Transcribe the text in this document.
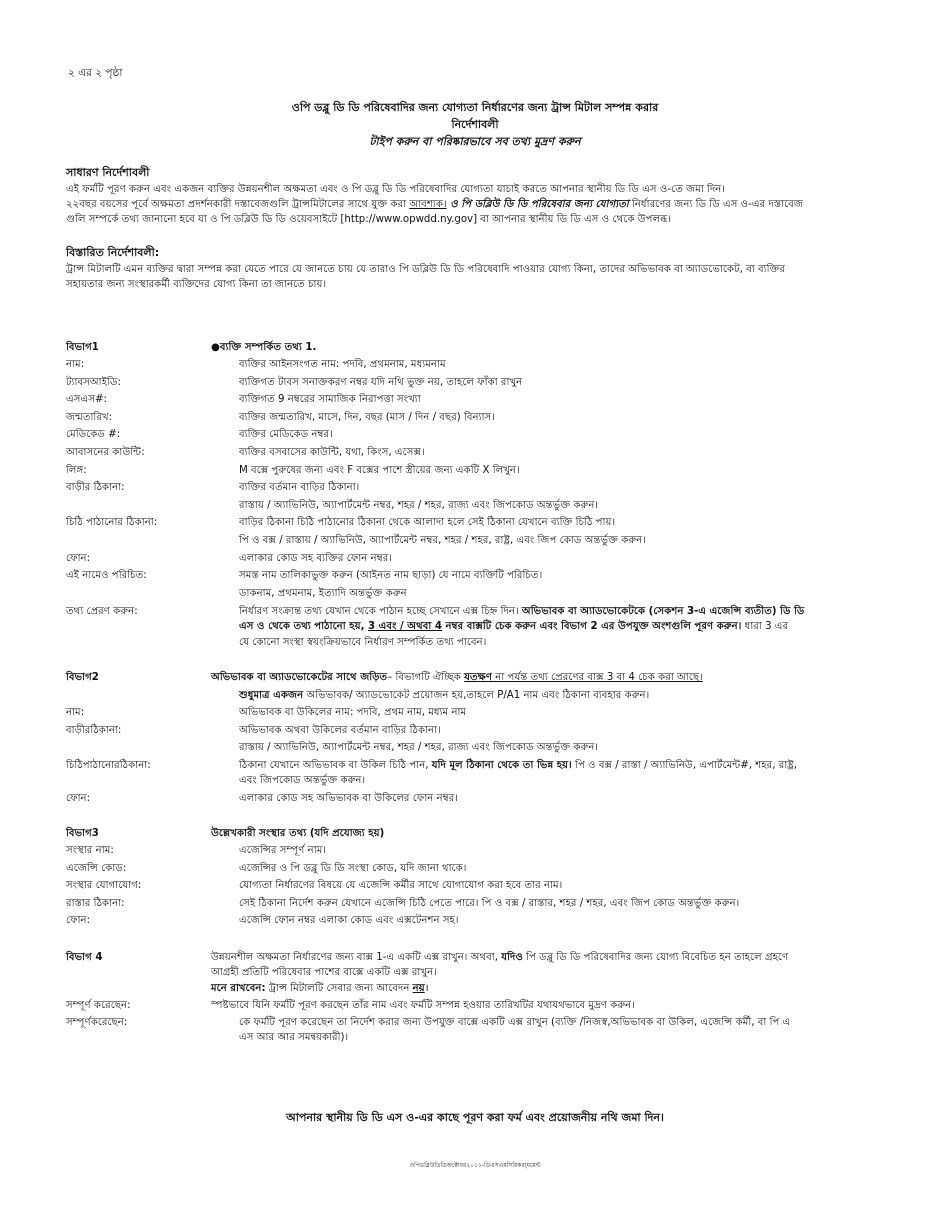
২ এর ২ পৃষ্ঠা
ওপি ডব্লু ডি ডি পরিষেবাদির জন্য যোগ্যতা নির্ধারণের জন্য ট্রান্স মিটাল সম্পন্ন করার
নির্দেশাবলী
টাইপ করুন বা পরিষ্কারভাবে সব তথ্য মুদ্রণ করুন
সাধারণ নির্দেশাবলী
এই ফর্মটি পূরণ করুন এবং একজন ব্যক্তির উন্নয়নশীল অক্ষমতা এবং ও পি ডব্লু ডি ডি পরিষেবাদির যোগ্যতা যাচাই করতে আপনার স্থানীয় ডি ডি এস ও-তে জমা দিন।
২২বছর বয়সের পূর্বে অক্ষমতা প্রদর্শনকারী দস্তাবেজগুলি ট্রান্সমিটালের সাথে যুক্ত করা আবশ্যক। ও পি ডব্লিউ ডি ডি পরিষেবার জন্য যোগ্যতা নির্ধারণের জন্য ডি ডি এস ও-এর দস্তাবেজ
গুলি সম্পর্কে তথ্য জানানো হবে যা ও পি ডব্লিউ ডি ডি ওয়েবসাইটে [http://www.opwdd.ny.gov] বা আপনার স্থানীয় ডি ডি এস ও থেকে উপলব্ধ।
বিস্তারিত নির্দেশাবলী:
ট্রান্স মিটালটি এমন ব্যক্তির দ্বারা সম্পন্ন করা যেতে পারে যে জানতে চায় যে তারাও পি ডব্লিউ ডি ডি পরিষেবাদি পাওয়ার যোগ্য কিনা, তাদের অভিভাবক বা অ্যাডভোকেট, বা ব্যক্তির
সহায়তার জন্য সংস্থারকর্মী ব্যক্তিদের যোগ্য কিনা তা জানতে চায়।
বিভাগ1	●ব্যক্তি সম্পর্কিত তথ্য 1.
নাম:	ব্যক্তির আইনসংগত নাম: পদবি, প্রথমনাম, মধ্যমনাম
ট্যাবসআইডি:	ব্যক্তিগত টাবস সনাক্তকরণ নম্বর যদি নথি ভুক্ত নয়, তাহলে ফাঁকা রাখুন
এসএস#:	ব্যক্তিগত 9 নম্বরের সামাজিক নিরাপত্তা সংখ্যা
জন্মতারিখ:	ব্যক্তির জন্মতারিখ, মাসে, দিন, বছর (মাস / দিন / বছর) বিন্যাস।
মেডিকেড #:	ব্যক্তির মেডিকেড নম্বর।
আবাসনের কাউন্টি:	ব্যক্তির বসবাসের কাউন্টি, যথা, কিংস, এসেক্স।
লিঙ্গ:	M বক্সে পুরুষের জন্য এবং F বক্সের পাশে স্ত্রীয়ের জন্য একটি X লিখুন।
বাড়ীর ঠিকানা:	ব্যক্তির বর্তমান বাড়ির ঠিকানা।
রাস্তায় / অ্যাভিনিউ, অ্যাপার্টমেন্ট নম্বর, শহর / শহর, রাজ্য এবং জিপকোড অন্তর্ভুক্ত করুন।
চিঠি পাঠানোর ঠিকানা:	বাড়ির ঠিকানা চিঠি পাঠানোর ঠিকানা থেকে আলাদা হলে সেই ঠিকানা যেখানে ব্যক্তি চিঠি পায়।
পি ও বক্স / রাস্তায় / অ্যাভিনিউ, অ্যাপার্টমেন্ট নম্বর, শহর / শহর, রাষ্ট্র, এবং জিপ কোড অন্তর্ভুক্ত করুন।
ফোন:	এলাকার কোড সহ ব্যক্তির ফোন নম্বর।
এই নামেও পরিচিত:	সমস্ত নাম তালিকাভুক্ত করুন (আইনত নাম ছাড়া) যে নামে ব্যক্তিটি পরিচিত।
ডাকনাম, প্রথমনাম, ইত্যাদি অন্তর্ভুক্ত করুন
তথ্য প্রেরণ করুন:	নির্ধারণ সংক্রান্ত তথ্য যেখান থেকে পাঠান হচ্ছে সেখানে এক্স চিহ্ন দিন। অভিভাবক বা অ্যাডভোকেটকে (সেকশন 3-এ এজেন্সি ব্যতীত) ডি ডি
এস ও থেকে তথ্য পাঠানো হয়, 3 এবং / অথবা 4 নম্বর বাক্সটি চেক করুন এবং বিভাগ 2 এর উপযুক্ত অংশগুলি পূরণ করুন। ধারা 3 এর
যে কোনো সংস্থা স্বয়ংক্রিয়ভাবে নির্ধারণ সম্পর্কিত তথ্য পাবেন।
বিভাগ2	অভিভাবক বা অ্যাডভোকেটের সাথে জড়িত– বিভাগটি ঐচ্ছিক যতক্ষণ না পর্যন্ত তথ্য প্রেরণের বাক্স 3 বা 4 চেক করা আছে।
শুধুমাত্র একজন অভিভাবক/ অ্যাডভোকেট প্রয়োজন হয়,তাহলে P/A1 নাম এবং ঠিকানা ব্যবহার করুন।
নাম:	অভিভাবক বা উকিলের নাম: পদবি, প্রথম নাম, মধ্যম নাম
বাড়ীরঠিকানা:	অভিভাবক অথবা উকিলের বর্তমান বাড়ির ঠিকানা।
রাস্তায় / অ্যাভিনিউ, অ্যাপার্টমেন্ট নম্বর, শহর / শহর, রাজ্য এবং জিপকোড অন্তর্ভুক্ত করুন।
চিঠিপাঠানোরঠিকানা:	ঠিকানা যেখানে অভিভাবক বা উকিল চিঠি পান, যদি মূল ঠিকানা থেকে তা ভিন্ন হয়। পি ও বক্স / রাস্তা / অ্যাভিনিউ, এপার্টমেন্ট#, শহর, রাষ্ট্র,
এবং জিপকোড অন্তর্ভুক্ত করুন।
ফোন:	এলাকার কোড সহ অভিভাবক বা উকিলের ফোন নম্বর।
বিভাগ3	উল্লেখকারী সংস্থার তথ্য (যদি প্রযোজ্য হয়)
সংস্থার নাম:	এজেন্সির সম্পূর্ণ নাম।
এজেন্সি কোড:	এজেন্সির ও পি ডব্লু ডি ডি সংস্থা কোড, যদি জানা থাকে।
সংস্থার যোগাযোগ:	যোগ্যতা নির্ধারণের বিষয়ে যে এজেন্সি কর্মীর সাথে যোগাযোগ করা হবে তার নাম।
রাস্তার ঠিকানা:	সেই ঠিকানা নির্দেশ করুন যেখানে এজেন্সি চিঠি পেতে পারে। পি ও বক্স / রাস্তার, শহর / শহর, এবং জিপ কোড অন্তর্ভুক্ত করুন।
ফোন:	এজেন্সি ফোন নম্বর এলাকা কোড এবং এক্সটেনশন সহ।
বিভাগ 4	উন্নয়নশীল অক্ষমতা নির্ধারণের জন্য বাক্স 1-এ একটি এক্স রাখুন। অথবা, যদিও পি ডব্লু ডি ডি পরিষেবাদির জন্য যোগ্য বিবেচিত হন তাহলে গ্রহণে
আগ্রহী প্রতিটি পরিষেবার পাশের বাক্সে একটি এক্স রাখুন।
মনে রাখবেন: ট্রান্স মিটালটি সেবার জন্য আবেদন নয়।
সম্পূর্ণ করেছেন:	স্পষ্টভাবে যিনি ফর্মটি পূরণ করছেন তাঁর নাম এবং ফর্মটি সম্পন্ন হওয়ার তারিখটির যথাযথভাবে মুদ্রণ করুন।
সম্পূর্ণকরেছেন:	কে ফর্মটি পূরণ করেছেন তা নির্দেশ করার জন্য উপযুক্ত বাক্সে একটি এক্স রাখুন (ব্যক্তি /নিজস্ব,অভিভাবক বা উকিল, এজেন্সি কর্মী, বা পি এ
এস আর আর সমন্বয়কারী)।
আপনার স্থানীয় ডি ডি এস ও-এর কাছে পূরণ করা ফর্ম এবং প্রয়োজনীয় নথি জমা দিন।
ওপিডব্লিউডিডিঅক্টোবর২০১১-ডিএসএমসিরিকরা্যমেন্ট
